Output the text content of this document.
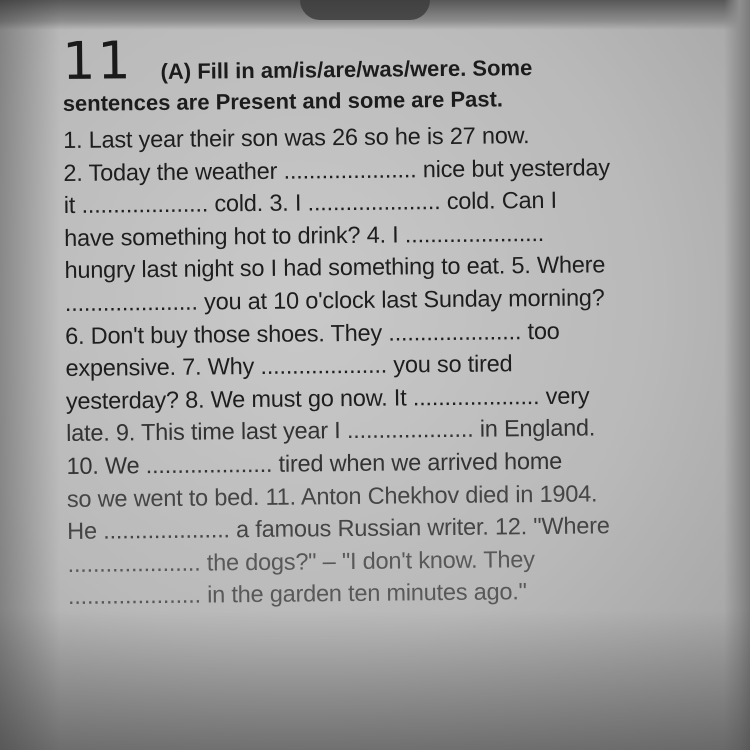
11 (A) Fill in am/is/are/was/were. Some
sentences are Present and some are Past.
1. Last year their son was 26 so he is 27 now.
2. Today the weather ..................... nice but yesterday
it .................... cold. 3. I ..................... cold. Can I
have something hot to drink? 4. I ......................
hungry last night so I had something to eat. 5. Where
..................... you at 10 o'clock last Sunday morning?
6. Don't buy those shoes. They ..................... too
expensive. 7. Why .................... you so tired
yesterday? 8. We must go now. It .................... very
late. 9. This time last year I .................... in England.
10. We .................... tired when we arrived home
so we went to bed. 11. Anton Chekhov died in 1904.
He .................... a famous Russian writer. 12. "Where
..................... the dogs?" – "I don't know. They
..................... in the garden ten minutes ago."
